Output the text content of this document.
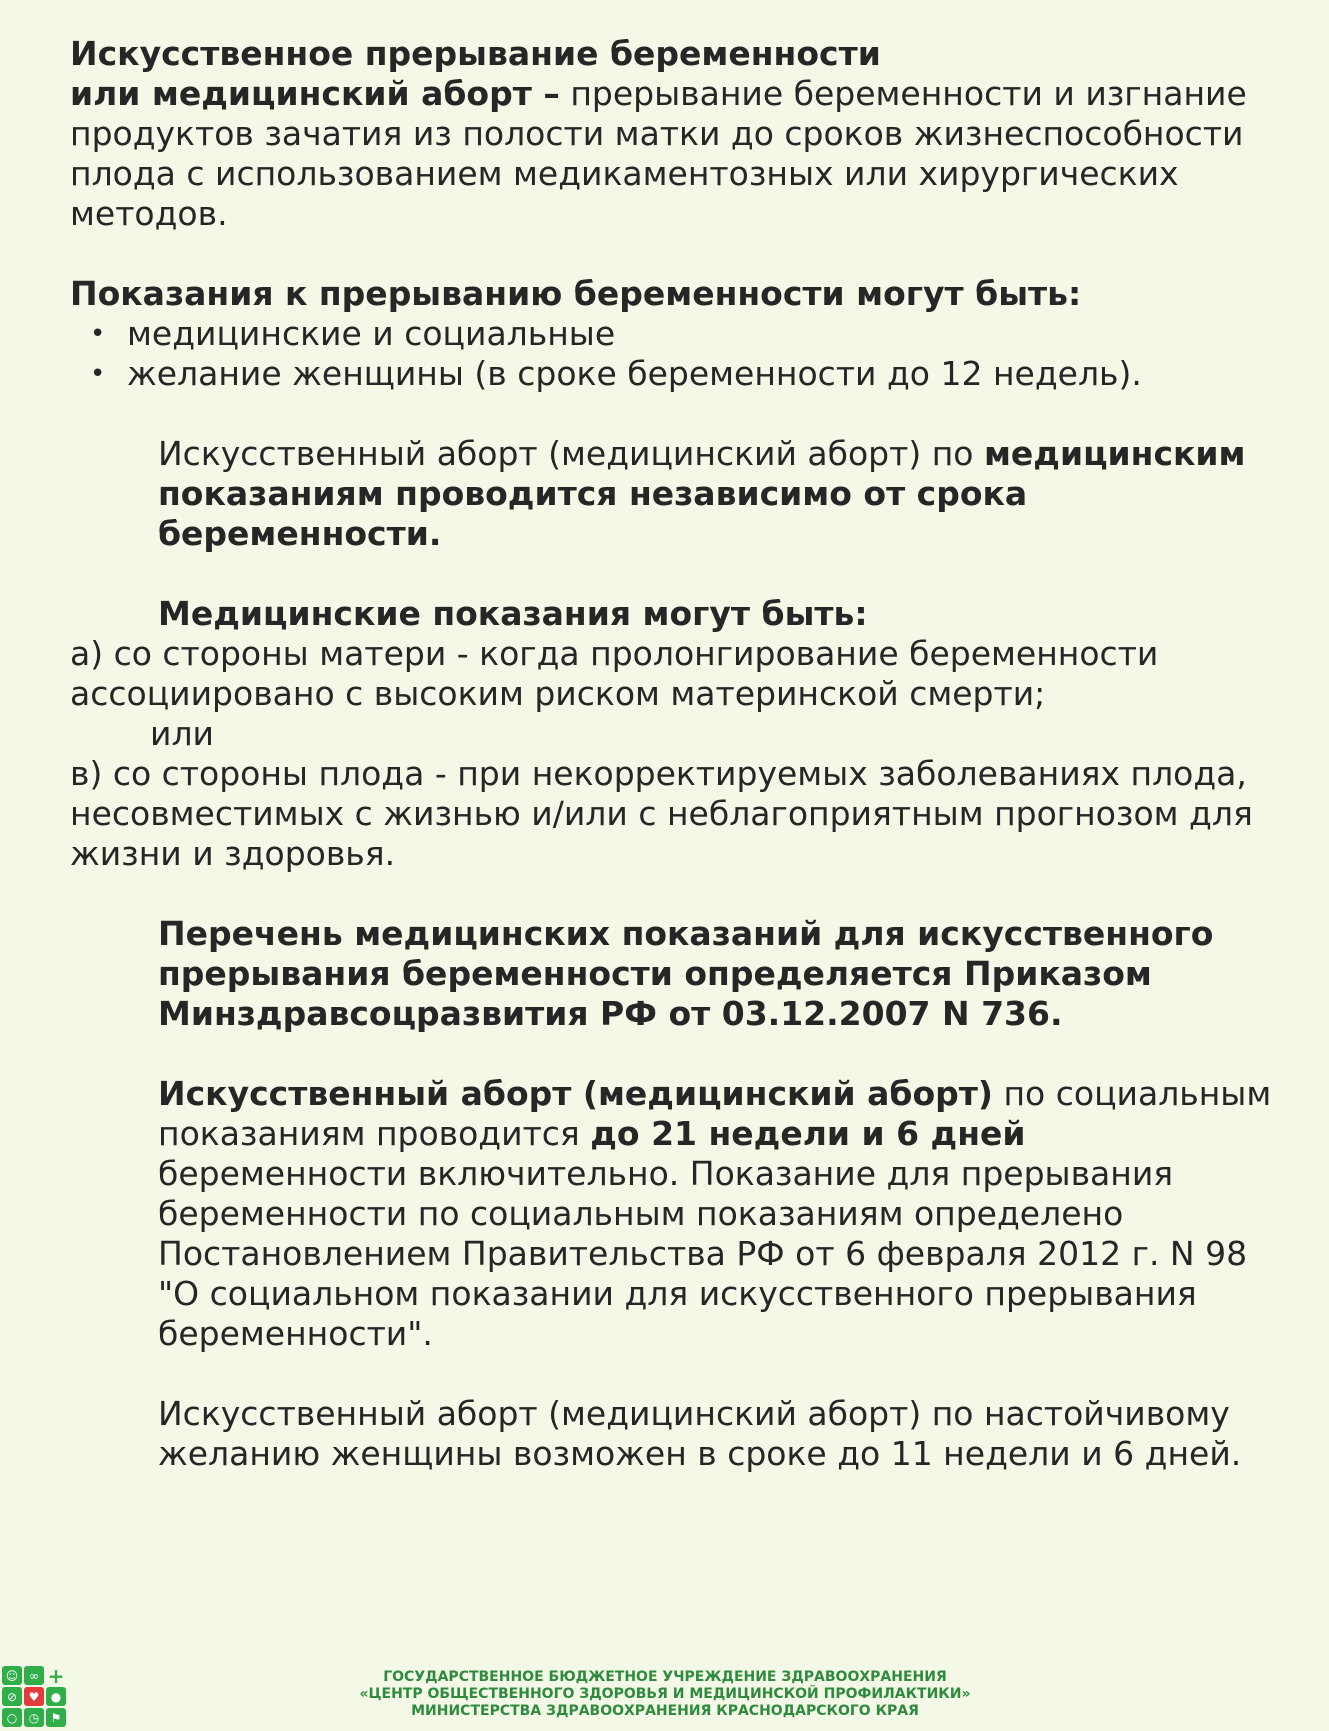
Искусственное прерывание беременности
или медицинский аборт – прерывание беременности и изгнание продуктов зачатия из полости матки до сроков жизнеспособности плода с использованием медикаментозных или хирургических методов.

Показания к прерыванию беременности могут быть:

• медицинские и социальные
• желание женщины (в сроке беременности до 12 недель).

Искусственный аборт (медицинский аборт) по медицинским показаниям проводится независимо от срока беременности.

Медицинские показания могут быть:

а) со стороны матери - когда пролонгирование беременности ассоциировано с высоким риском материнской смерти;

или

в) со стороны плода - при некорректируемых заболеваниях плода, несовместимых с жизнью и/или с неблагоприятным прогнозом для жизни и здоровья.

Перечень медицинских показаний для искусственного прерывания беременности определяется Приказом Минздравсоцразвития РФ от 03.12.2007 N 736.

Искусственный аборт (медицинский аборт) по социальным показаниям проводится до 21 недели и 6 дней беременности включительно. Показание для прерывания беременности по социальным показаниям определено Постановлением Правительства РФ от 6 февраля 2012 г. N 98 "О социальном показании для искусственного прерывания беременности".

Искусственный аборт (медицинский аборт) по настойчивому желанию женщины возможен в сроке до 11 недели и 6 дней.

☺ ∞ +
⊘ ♥ ●
○ ◷ ⚑
ГОСУДАРСТВЕННОЕ БЮДЖЕТНОЕ УЧРЕЖДЕНИЕ ЗДРАВООХРАНЕНИЯ
«ЦЕНТР ОБЩЕСТВЕННОГО ЗДОРОВЬЯ И МЕДИЦИНСКОЙ ПРОФИЛАКТИКИ»
МИНИСТЕРСТВА ЗДРАВООХРАНЕНИЯ КРАСНОДАРСКОГО КРАЯ
